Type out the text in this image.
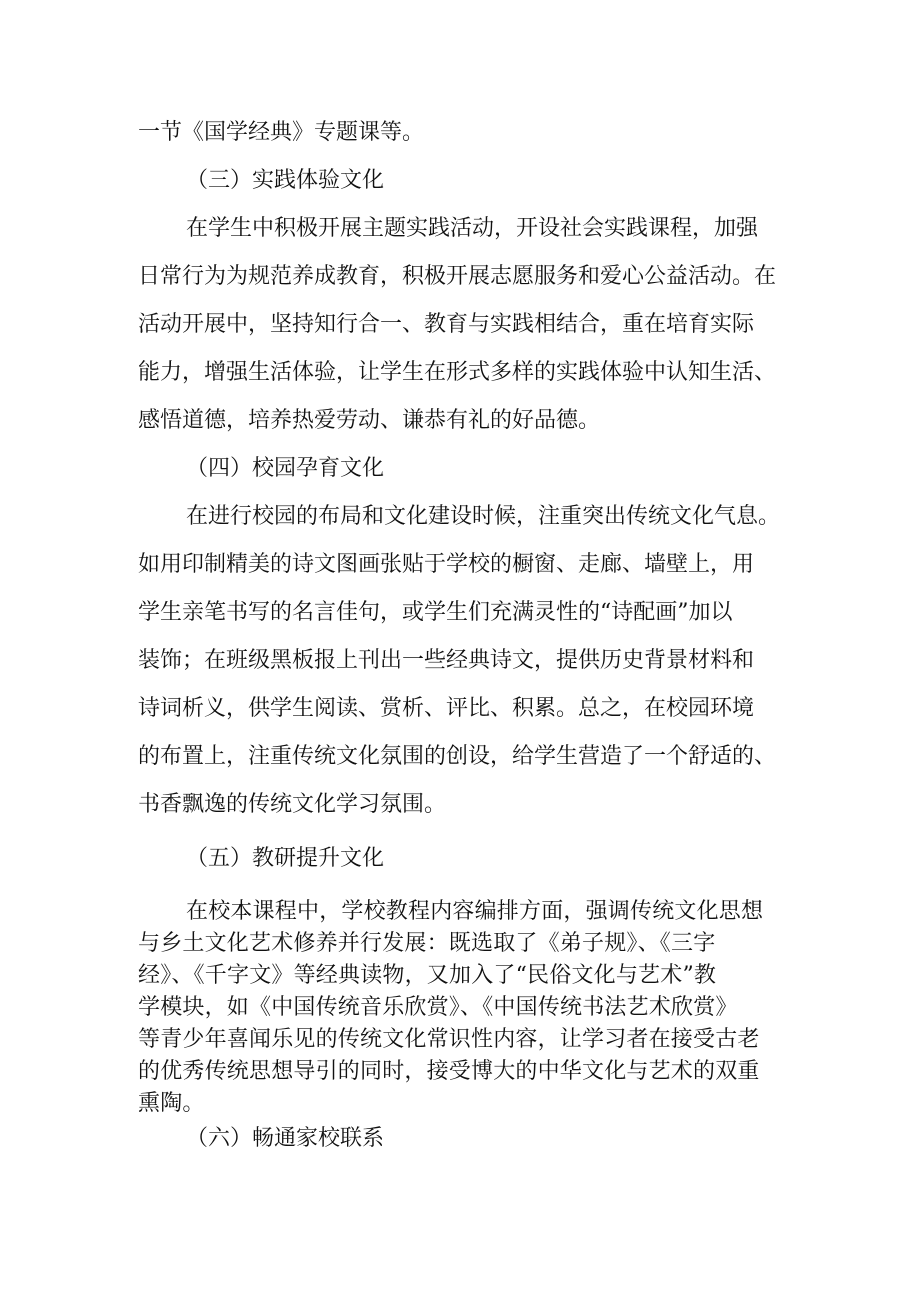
一节《国学经典》专题课等。

（三）实践体验文化

在学生中积极开展主题实践活动，开设社会实践课程，加强

日常行为为规范养成教育，积极开展志愿服务和爱心公益活动。在

活动开展中，坚持知行合一、教育与实践相结合，重在培育实际

能力，增强生活体验，让学生在形式多样的实践体验中认知生活、

感悟道德，培养热爱劳动、谦恭有礼的好品德。

（四）校园孕育文化

在进行校园的布局和文化建设时候，注重突出传统文化气息。

如用印制精美的诗文图画张贴于学校的橱窗、走廊、墙壁上，用

学生亲笔书写的名言佳句，或学生们充满灵性的“诗配画”加以

装饰；在班级黑板报上刊出一些经典诗文，提供历史背景材料和

诗词析义，供学生阅读、赏析、评比、积累。总之，在校园环境

的布置上，注重传统文化氛围的创设，给学生营造了一个舒适的、

书香飘逸的传统文化学习氛围。

（五）教研提升文化

在校本课程中，学校教程内容编排方面，强调传统文化思想

与乡土文化艺术修养并行发展：既选取了《弟子规》、《三字

经》、《千字文》等经典读物，又加入了“民俗文化与艺术”教

学模块，如《中国传统音乐欣赏》、《中国传统书法艺术欣赏》

等青少年喜闻乐见的传统文化常识性内容，让学习者在接受古老

的优秀传统思想导引的同时，接受博大的中华文化与艺术的双重

熏陶。

（六）畅通家校联系
